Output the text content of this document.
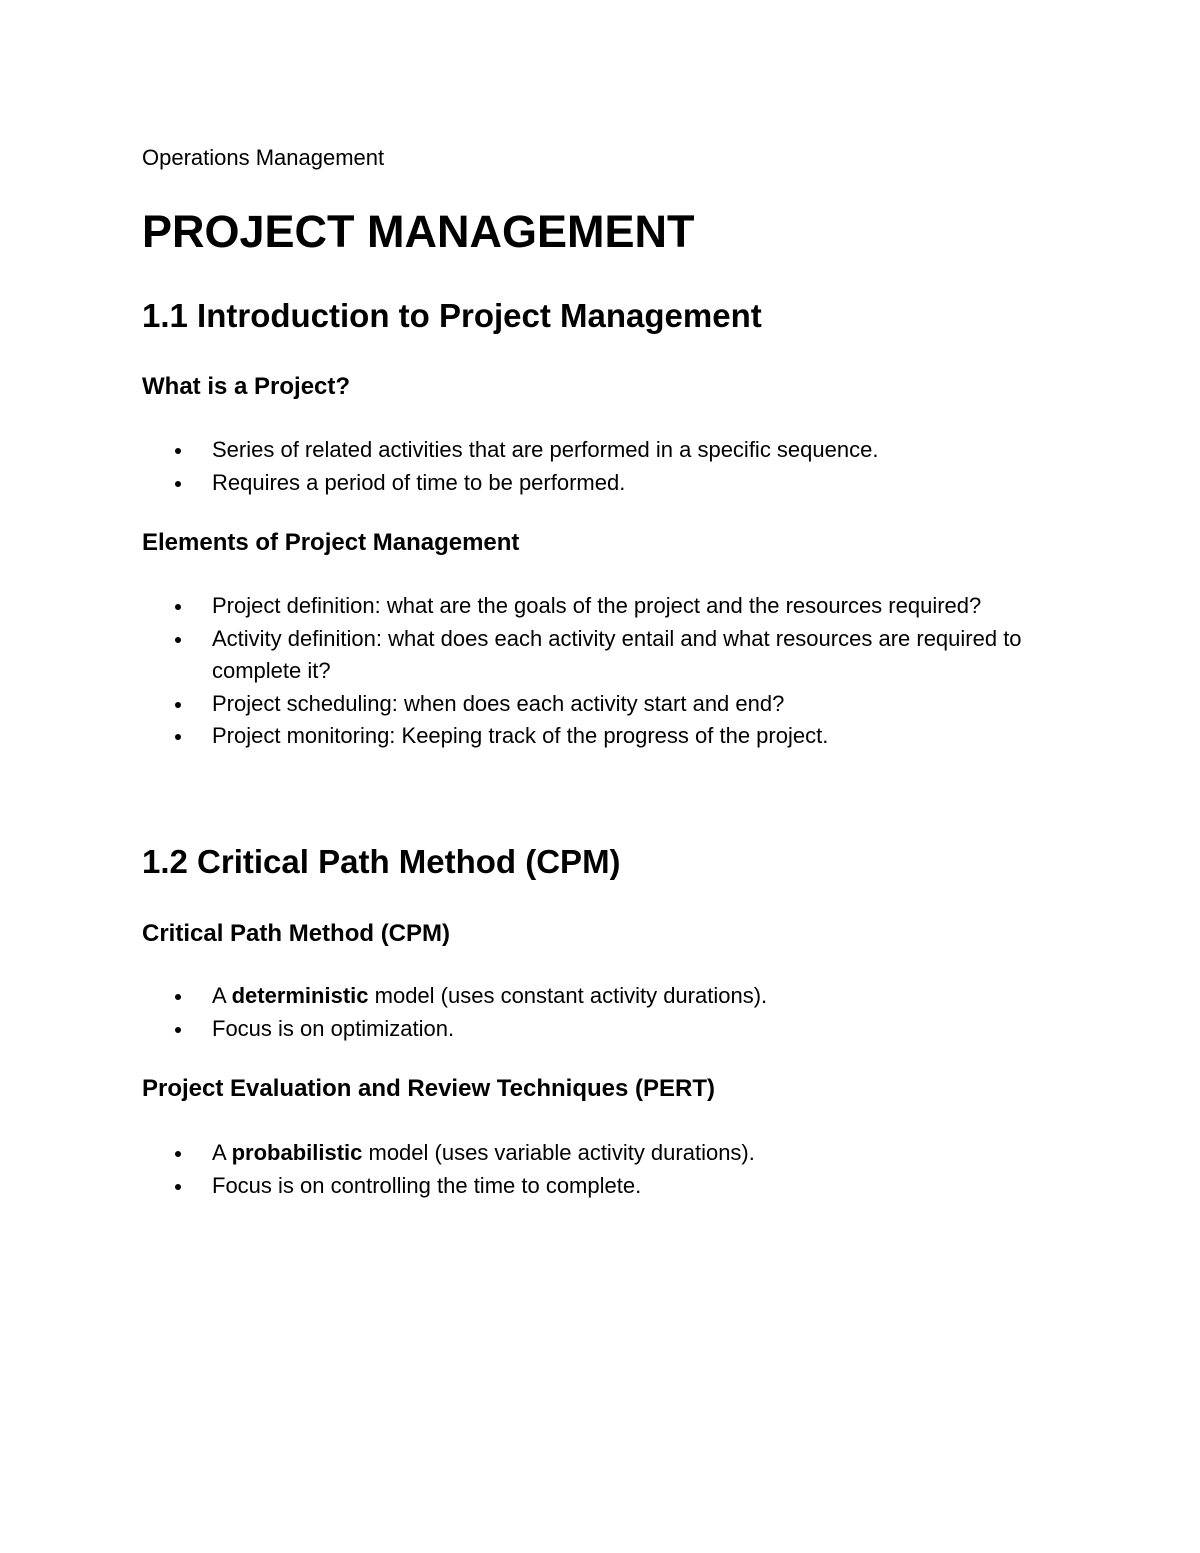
Operations Management

PROJECT MANAGEMENT
1.1 Introduction to Project Management
What is a Project?
Series of related activities that are performed in a specific sequence.
Requires a period of time to be performed.
Elements of Project Management
Project definition: what are the goals of the project and the resources required?
Activity definition: what does each activity entail and what resources are required to complete it?
Project scheduling: when does each activity start and end?
Project monitoring: Keeping track of the progress of the project.
1.2 Critical Path Method (CPM)
Critical Path Method (CPM)
A deterministic model (uses constant activity durations).
Focus is on optimization.
Project Evaluation and Review Techniques (PERT)
A probabilistic model (uses variable activity durations).
Focus is on controlling the time to complete.
